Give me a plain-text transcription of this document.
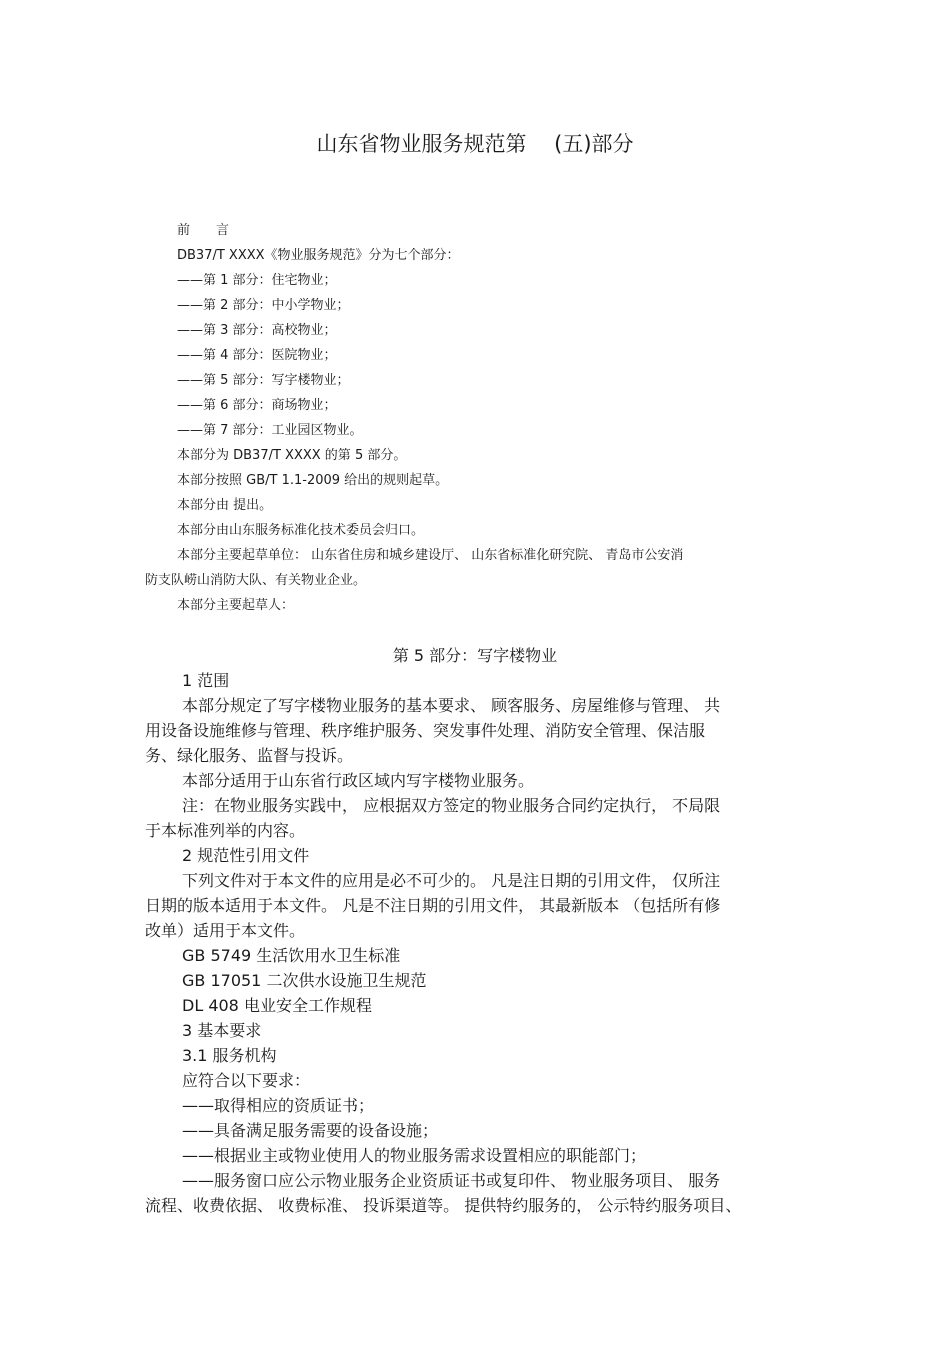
山东省物业服务规范第　 (五)部分
前　　言
DB37/T XXXX《物业服务规范》分为七个部分：
——第 1 部分：住宅物业；
——第 2 部分：中小学物业；
——第 3 部分：高校物业；
——第 4 部分：医院物业；
——第 5 部分：写字楼物业；
——第 6 部分：商场物业；
——第 7 部分：工业园区物业。
本部分为 DB37/T XXXX 的第 5 部分。
本部分按照 GB/T 1.1-2009 给出的规则起草。
本部分由 提出。
本部分由山东服务标准化技术委员会归口。
本部分主要起草单位： 山东省住房和城乡建设厅、 山东省标准化研究院、 青岛市公安消
防支队崂山消防大队、有关物业企业。
本部分主要起草人：
第 5 部分：写字楼物业
1 范围
本部分规定了写字楼物业服务的基本要求、 顾客服务、房屋维修与管理、 共
用设备设施维修与管理、秩序维护服务、突发事件处理、消防安全管理、保洁服
务、绿化服务、监督与投诉。
本部分适用于山东省行政区域内写字楼物业服务。
注：在物业服务实践中， 应根据双方签定的物业服务合同约定执行， 不局限
于本标准列举的内容。
2 规范性引用文件
下列文件对于本文件的应用是必不可少的。 凡是注日期的引用文件， 仅所注
日期的版本适用于本文件。 凡是不注日期的引用文件， 其最新版本 （包括所有修
改单）适用于本文件。
GB 5749 生活饮用水卫生标准
GB 17051 二次供水设施卫生规范
DL 408 电业安全工作规程
3 基本要求
3.1 服务机构
应符合以下要求：
——取得相应的资质证书；
——具备满足服务需要的设备设施；
——根据业主或物业使用人的物业服务需求设置相应的职能部门；
——服务窗口应公示物业服务企业资质证书或复印件、 物业服务项目、 服务
流程、收费依据、 收费标准、 投诉渠道等。 提供特约服务的， 公示特约服务项目、
